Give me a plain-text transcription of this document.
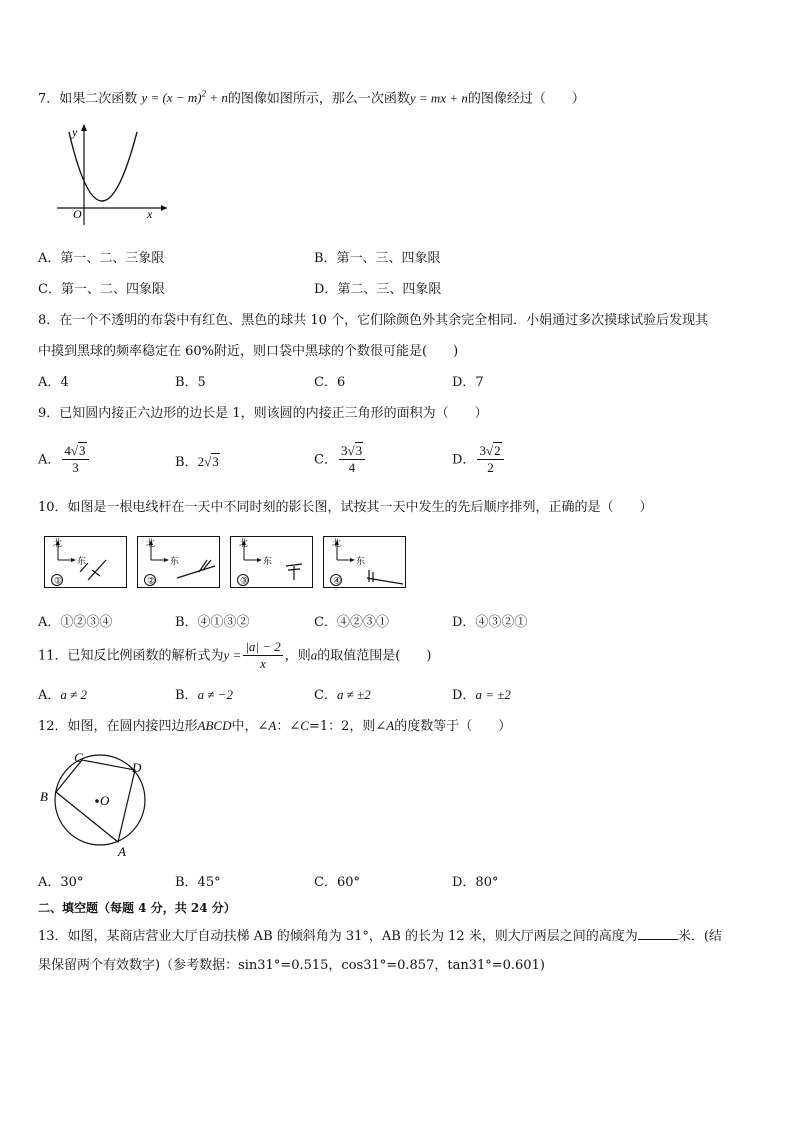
7．如果二次函数 $y = (x - m)^2 + n$的图像如图所示，那么一次函数y = mx + n的图像经过（　　）
y
O	x
A．第一、二、三象限	B．第一、三、四象限
C．第一、二、四象限	D．第二、三、四象限
8．在一个不透明的布袋中有红色、黑色的球共 10 个，它们除颜色外其余完全相同．小娟通过多次摸球试验后发现其
中摸到黑球的频率稳定在 60%附近，则口袋中黑球的个数很可能是(　　)
A．4	B．5	C．6	D．7
9．已知圆内接正六边形的边长是 1，则该圆的内接正三角形的面积为（　　）
A． $\frac{4√3}{3}$	B．2√3	C． $\frac{3√3}{4}$	D． $\frac{3√2}{2}$
10．如图是一根电线杆在一天中不同时刻的影长图，试按其一天中发生的先后顺序排列，正确的是（　　）
北
东
①
北
东
②
北
东
③
北
东
④
A．①②③④	B．④①③②	C．④②③①	D．④③②①
11．已知反比例函数的解析式为$y = \frac{|a| - 2}{x}$ ，则a的取值范围是(　　)
A．a ≠ 2	B．a ≠ −2	C．a ≠ ±2	D．a = ±2
12．如图，在圆内接四边形ABCD中，∠A：∠C=1：2，则∠A的度数等于（　　）
C
D
B	O
A
A．30°	B．45°	C．60°	D．80°
二、填空题（每题 4 分，共 24 分）
13．如图，某商店营业大厅自动扶梯 AB 的倾斜角为 31°，AB 的长为 12 米，则大厅两层之间的高度为	米．(结
果保留两个有效数字)（参考数据：sin31°=0.515，cos31°=0.857，tan31°=0.601)
